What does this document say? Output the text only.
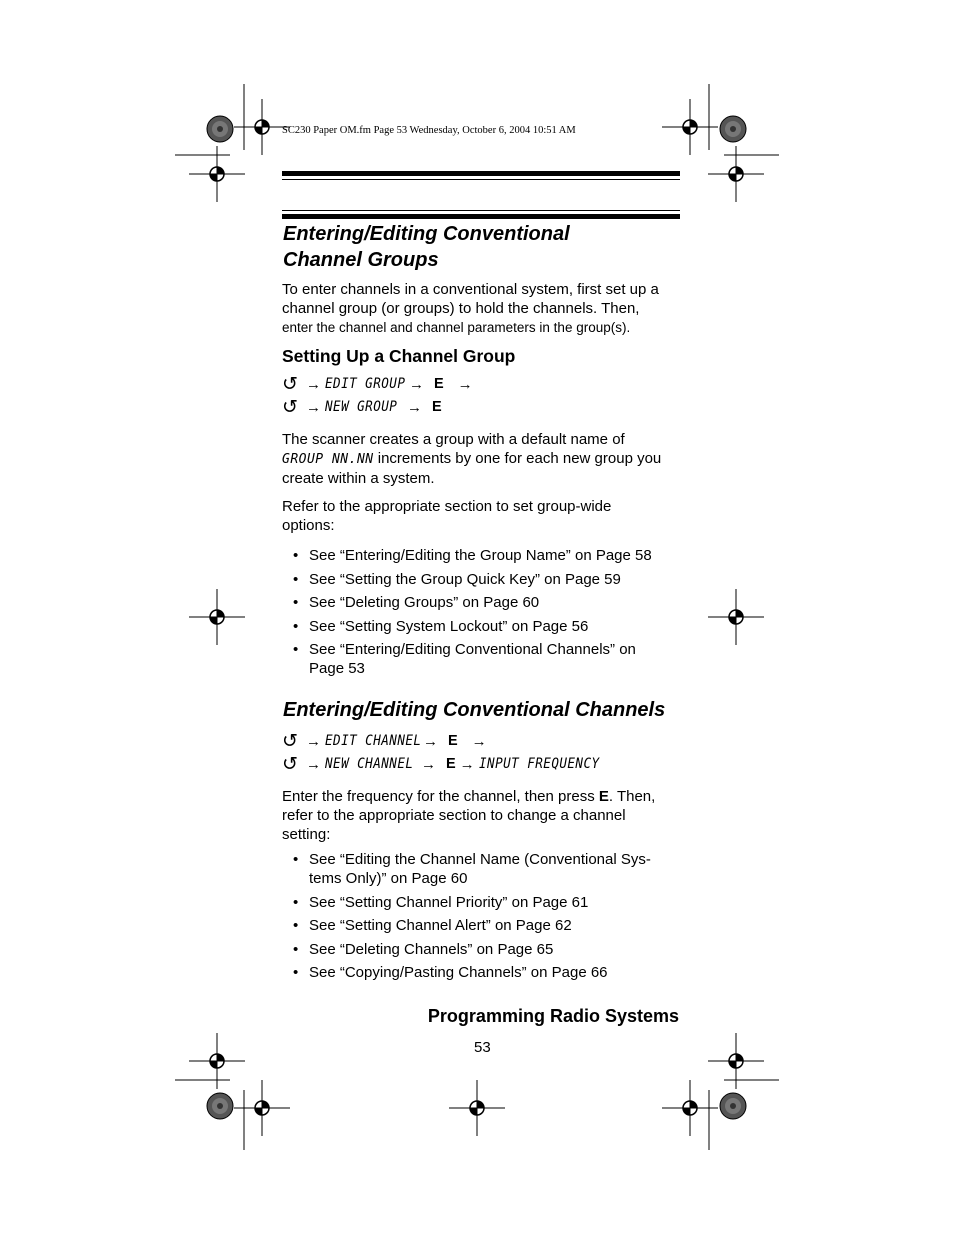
SC230 Paper OM.fm Page 53 Wednesday, October 6, 2004 10:51 AM
Entering/Editing Conventional
Channel Groups
To enter channels in a conventional system, first set up a
channel group (or groups) to hold the channels. Then,
enter the channel and channel parameters in the group(s).
Setting Up a Channel Group
↺ → EDIT GROUP → E →
↺ → NEW GROUP → E
The scanner creates a group with a default name of
GROUP NN.NN increments by one for each new group you
create within a system.
Refer to the appropriate section to set group-wide
options:
• See “Entering/Editing the Group Name” on Page 58
• See “Setting the Group Quick Key” on Page 59
• See “Deleting Groups” on Page 60
• See “Setting System Lockout” on Page 56
• See “Entering/Editing Conventional Channels” on
Page 53
Entering/Editing Conventional Channels
↺ → EDIT CHANNEL → E →
↺ → NEW CHANNEL → E → INPUT FREQUENCY
Enter the frequency for the channel, then press E. Then,
refer to the appropriate section to change a channel
setting:
• See “Editing the Channel Name (Conventional Sys-
tems Only)” on Page 60
• See “Setting Channel Priority” on Page 61
• See “Setting Channel Alert” on Page 62
• See “Deleting Channels” on Page 65
• See “Copying/Pasting Channels” on Page 66
Programming Radio Systems
53
